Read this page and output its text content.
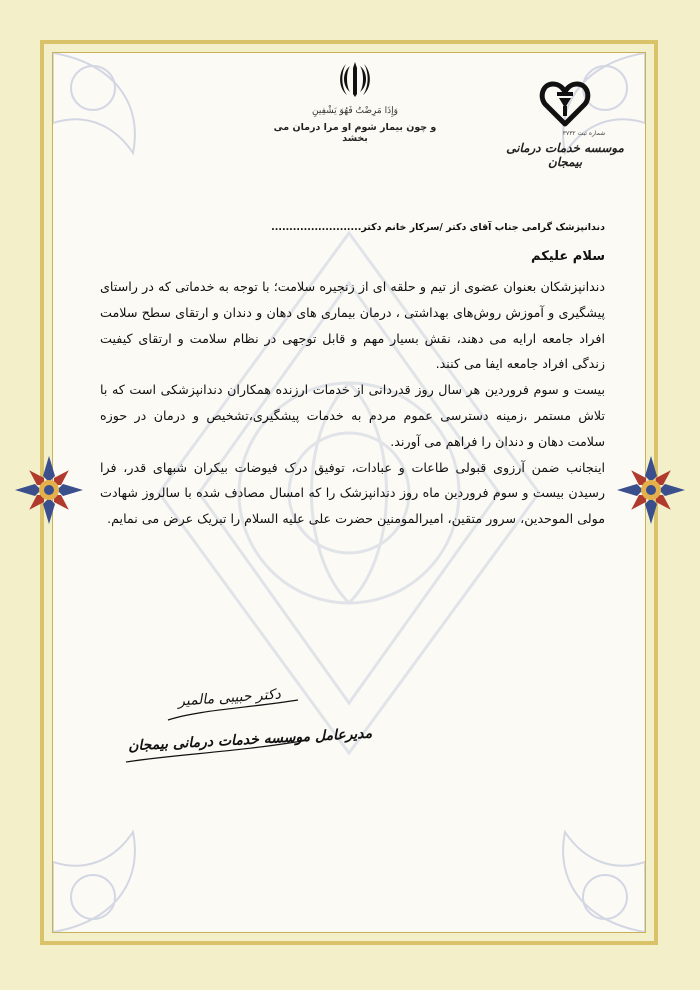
وَإِذَا مَرِضْتُ فَهُوَ يَشْفِينِ
و چون بیمار شوم او مرا درمان می بخشد	شماره ثبت ۳۷۳۲
موسسه خدمات درمانی بیمجان
دندانپزشک گرامی جناب آقای دکتر /سرکار خانم دکتر.........................
سلام علیکم

دندانپزشکان بعنوان عضوی از تیم و حلقه ای از زنجیره سلامت؛ با توجه به خدماتی که در راستای پیشگیری و آموزش روش‌های بهداشتی ، درمان بیماری های دهان و دندان و ارتقای سطح سلامت افراد جامعه ارایه می دهند، نقش بسیار مهم و قابل توجهی در نظام سلامت و ارتقای کیفیت زندگی افراد جامعه ایفا می کنند.

بیست و سوم فروردین هر سال روز قدردانی از خدمات ارزنده همکاران دندانپزشکی است که با تلاش مستمر ،زمینه دسترسی عموم مردم به خدمات پیشگیری،تشخیص و درمان در حوزه سلامت دهان و دندان را فراهم می آورند.

اینجانب ضمن آرزوی قبولی طاعات و عبادات، توفیق درک فیوضات بیکران شبهای قدر، فرا رسیدن بیست و سوم فروردین ماه روز دندانپزشک را که امسال مصادف شده با سالروز شهادت مولی الموحدین، سرور متقین، امیرالمومنین حضرت علی علیه السلام را تبریک عرض می نمایم.

دکتر حبیبی مالمیر
مدیرعامل موسسه خدمات درمانی بیمجان
